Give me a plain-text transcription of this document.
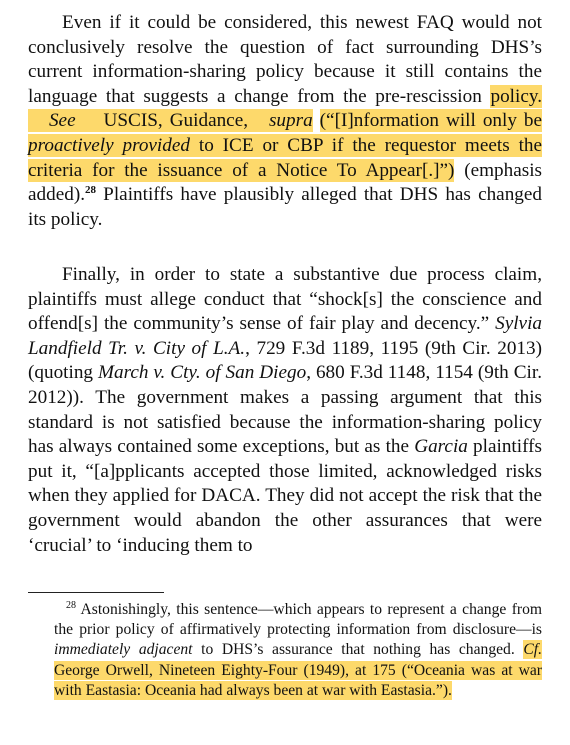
Even if it could be considered, this newest FAQ would not conclusively resolve the question of fact surrounding DHS’s current information-sharing policy because it still contains the language that suggests a change from the pre-rescission policy.    See USCIS, Guidance, supra (“[I]nformation will only be proactively provided to ICE or CBP if the requestor meets the criteria for the issuance of a Notice To Appear[.]”) (emphasis added).$^{28}$ Plaintiffs have plausibly alleged that DHS has changed its policy.

Finally, in order to state a substantive due process claim, plaintiffs must allege conduct that “shock[s] the conscience and offend[s] the community’s sense of fair play and decency.” Sylvia Landfield Tr. v. City of L.A., 729 F.3d 1189, 1195 (9th Cir. 2013) (quoting March v. Cty. of San Diego, 680 F.3d 1148, 1154 (9th Cir. 2012)). The government makes a passing argument that this standard is not satisfied because the information-sharing policy has always contained some exceptions, but as the Garcia plaintiffs put it, “[a]pplicants accepted those limited, acknowledged risks when they applied for DACA. They did not accept the risk that the government would abandon the other assurances that were ‘crucial’ to ‘inducing them to

$^{28}$ Astonishingly, this sentence—which appears to represent a change from the prior policy of affirmatively protecting information from disclosure—is immediately adjacent to DHS’s assurance that nothing has changed. Cf. George Orwell, Nineteen Eighty-Four (1949), at 175 (“Oceania was at war with Eastasia: Oceania had always been at war with Eastasia.”).
